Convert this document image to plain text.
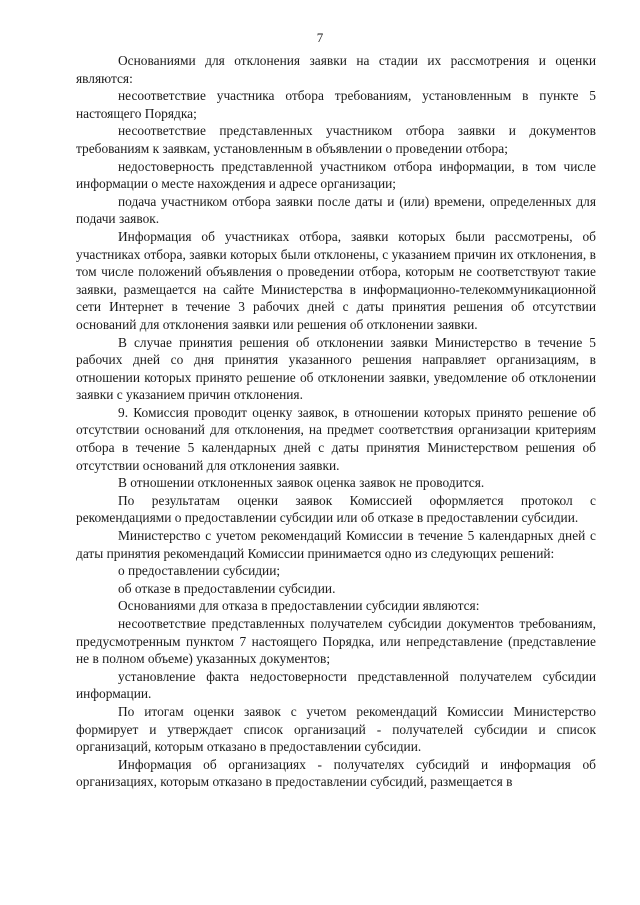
7

Основаниями для отклонения заявки на стадии их рассмотрения и оценки являются:

несоответствие участника отбора требованиям, установленным в пункте 5 настоящего Порядка;

несоответствие представленных участником отбора заявки и документов требованиям к заявкам, установленным в объявлении о проведении отбора;

недостоверность представленной участником отбора информации, в том числе информации о месте нахождения и адресе организации;

подача участником отбора заявки после даты и (или) времени, определенных для подачи заявок.

Информация об участниках отбора, заявки которых были рассмотрены, об участниках отбора, заявки которых были отклонены, с указанием причин их отклонения, в том числе положений объявления о проведении отбора, которым не соответствуют такие заявки, размещается на сайте Министерства в информационно-телекоммуникационной сети Интернет в течение 3 рабочих дней с даты принятия решения об отсутствии оснований для отклонения заявки или решения об отклонении заявки.

В случае принятия решения об отклонении заявки Министерство в течение 5 рабочих дней со дня принятия указанного решения направляет организациям, в отношении которых принято решение об отклонении заявки, уведомление об отклонении заявки с указанием причин отклонения.

9. Комиссия проводит оценку заявок, в отношении которых принято решение об отсутствии оснований для отклонения, на предмет соответствия организации критериям отбора в течение 5 календарных дней с даты принятия Министерством решения об отсутствии оснований для отклонения заявки.

В отношении отклоненных заявок оценка заявок не проводится.

По результатам оценки заявок Комиссией оформляется протокол с рекомендациями о предоставлении субсидии или об отказе в предоставлении субсидии.

Министерство с учетом рекомендаций Комиссии в течение 5 календарных дней с даты принятия рекомендаций Комиссии принимается одно из следующих решений:

о предоставлении субсидии;

об отказе в предоставлении субсидии.

Основаниями для отказа в предоставлении субсидии являются:

несоответствие представленных получателем субсидии документов требованиям, предусмотренным пунктом 7 настоящего Порядка, или непредставление (представление не в полном объеме) указанных документов;

установление факта недостоверности представленной получателем субсидии информации.

По итогам оценки заявок с учетом рекомендаций Комиссии Министерство формирует и утверждает список организаций - получателей субсидии и список организаций, которым отказано в предоставлении субсидии.

Информация об организациях - получателях субсидий и информация об организациях, которым отказано в предоставлении субсидий, размещается в
